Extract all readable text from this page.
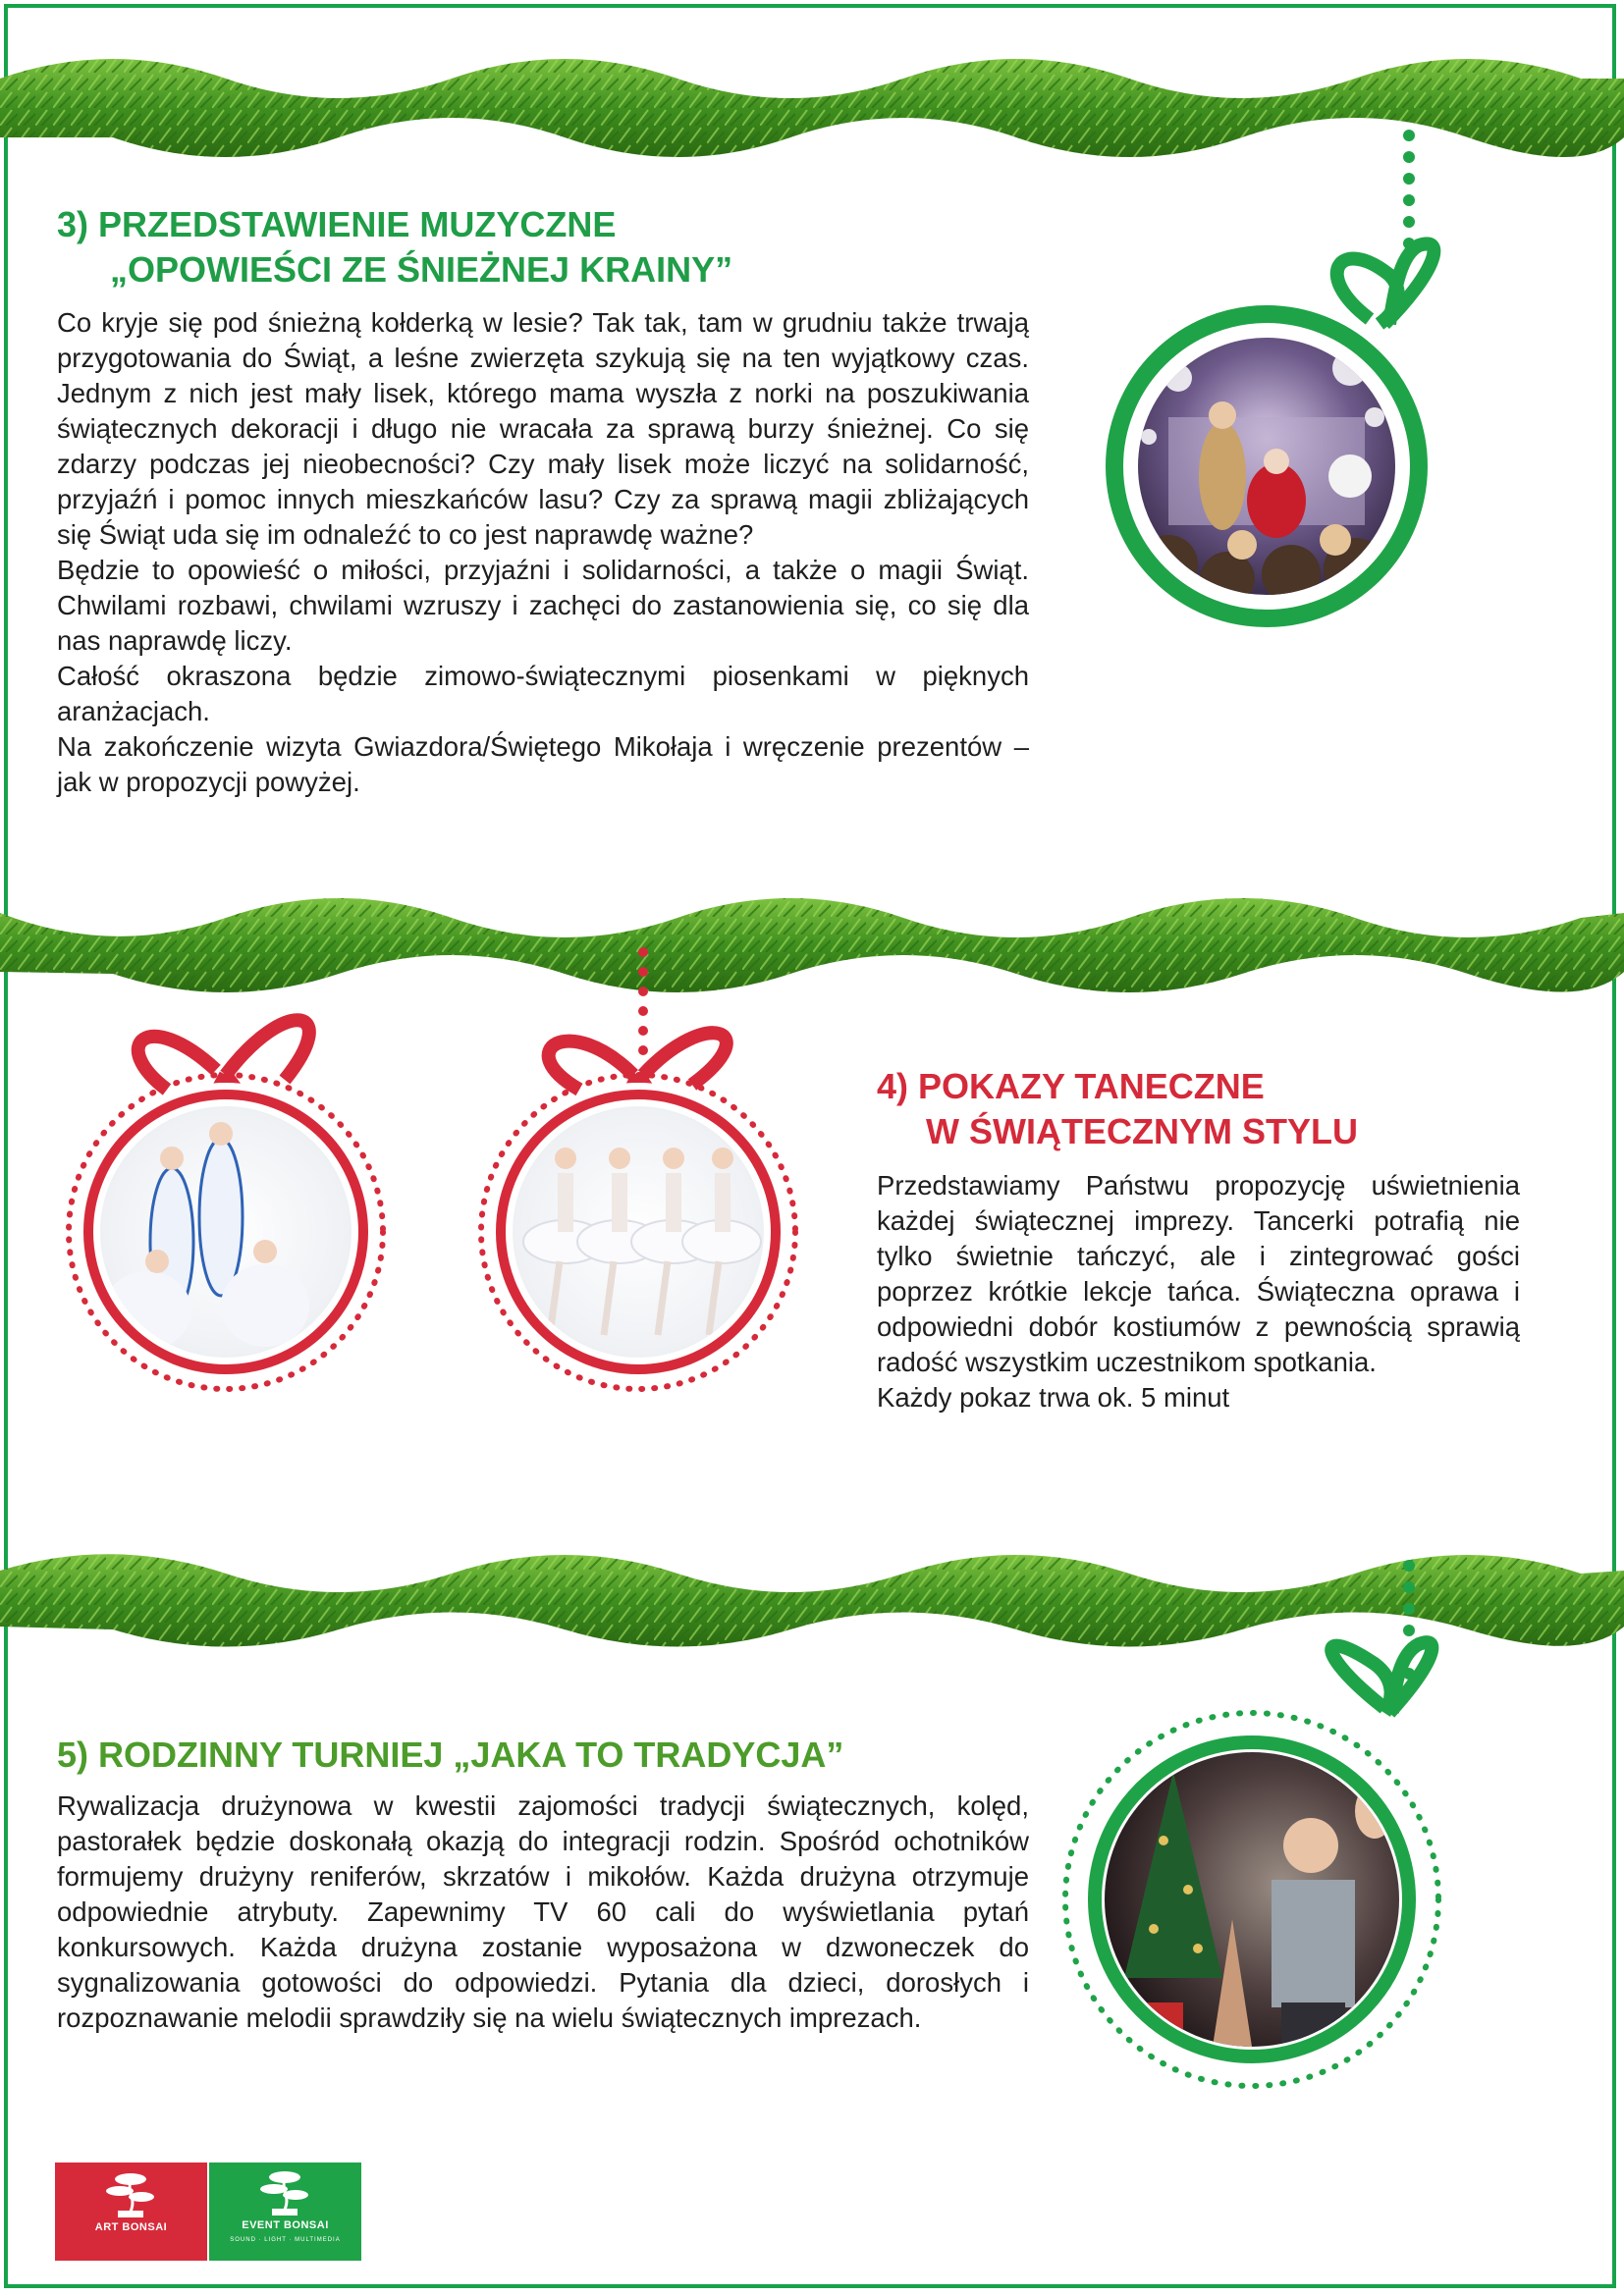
3) PRZEDSTAWIENIE MUZYCZNE
„OPOWIEŚCI ZE ŚNIEŻNEJ KRAINY”

Co kryje się pod śnieżną kołderką w lesie? Tak tak, tam w grudniu także trwają przygotowania do Świąt, a leśne zwierzęta szykują się na ten wyjątkowy czas. Jednym z nich jest mały lisek, którego mama wyszła z norki na poszukiwania świątecznych dekoracji i długo nie wracała za sprawą burzy śnieżnej. Co się zdarzy podczas jej nieobecności? Czy mały lisek może liczyć na solidarność, przyjaźń i pomoc innych mieszkańców lasu? Czy za sprawą magii zbliżających się Świąt uda się im odnaleźć to co jest naprawdę ważne?

Będzie to opowieść o miłości, przyjaźni i solidarności, a także o magii Świąt. Chwilami rozbawi, chwilami wzruszy i zachęci do zastanowienia się, co się dla nas naprawdę liczy.

Całość okraszona będzie zimowo-świątecznymi piosenkami w pięknych aranżacjach.

Na zakończenie wizyta Gwiazdora/Świętego Mikołaja i wręczenie prezentów – jak w propozycji powyżej.

4) POKAZY TANECZNE
W ŚWIĄTECZNYM STYLU

Przedstawiamy Państwu propozycję uświetnienia każdej świątecznej imprezy. Tancerki potrafią nie tylko świetnie tańczyć, ale i zintegrować gości poprzez krótkie lekcje tańca. Świąteczna oprawa i odpowiedni dobór kostiumów z pewnością sprawią radość wszystkim uczestnikom spotkania.

Każdy pokaz trwa ok. 5 minut

5) RODZINNY TURNIEJ „JAKA TO TRADYCJA”

Rywalizacja drużynowa w kwestii zajomości tradycji świątecznych, kolęd, pastorałek będzie doskonałą okazją do integracji rodzin. Spośród ochotników formujemy drużyny reniferów, skrzatów i mikołów. Każda drużyna otrzymuje odpowiednie atrybuty. Zapewnimy TV 60 cali do wyświetlania pytań konkursowych. Każda drużyna zostanie wyposażona w dzwoneczek do sygnalizowania gotowości do odpowiedzi. Pytania dla dzieci, dorosłych i rozpoznawanie melodii sprawdziły się na wielu świątecznych imprezach.

ART BONSAI	EVENT BONSAI
SOUND · LIGHT · MULTIMEDIA
